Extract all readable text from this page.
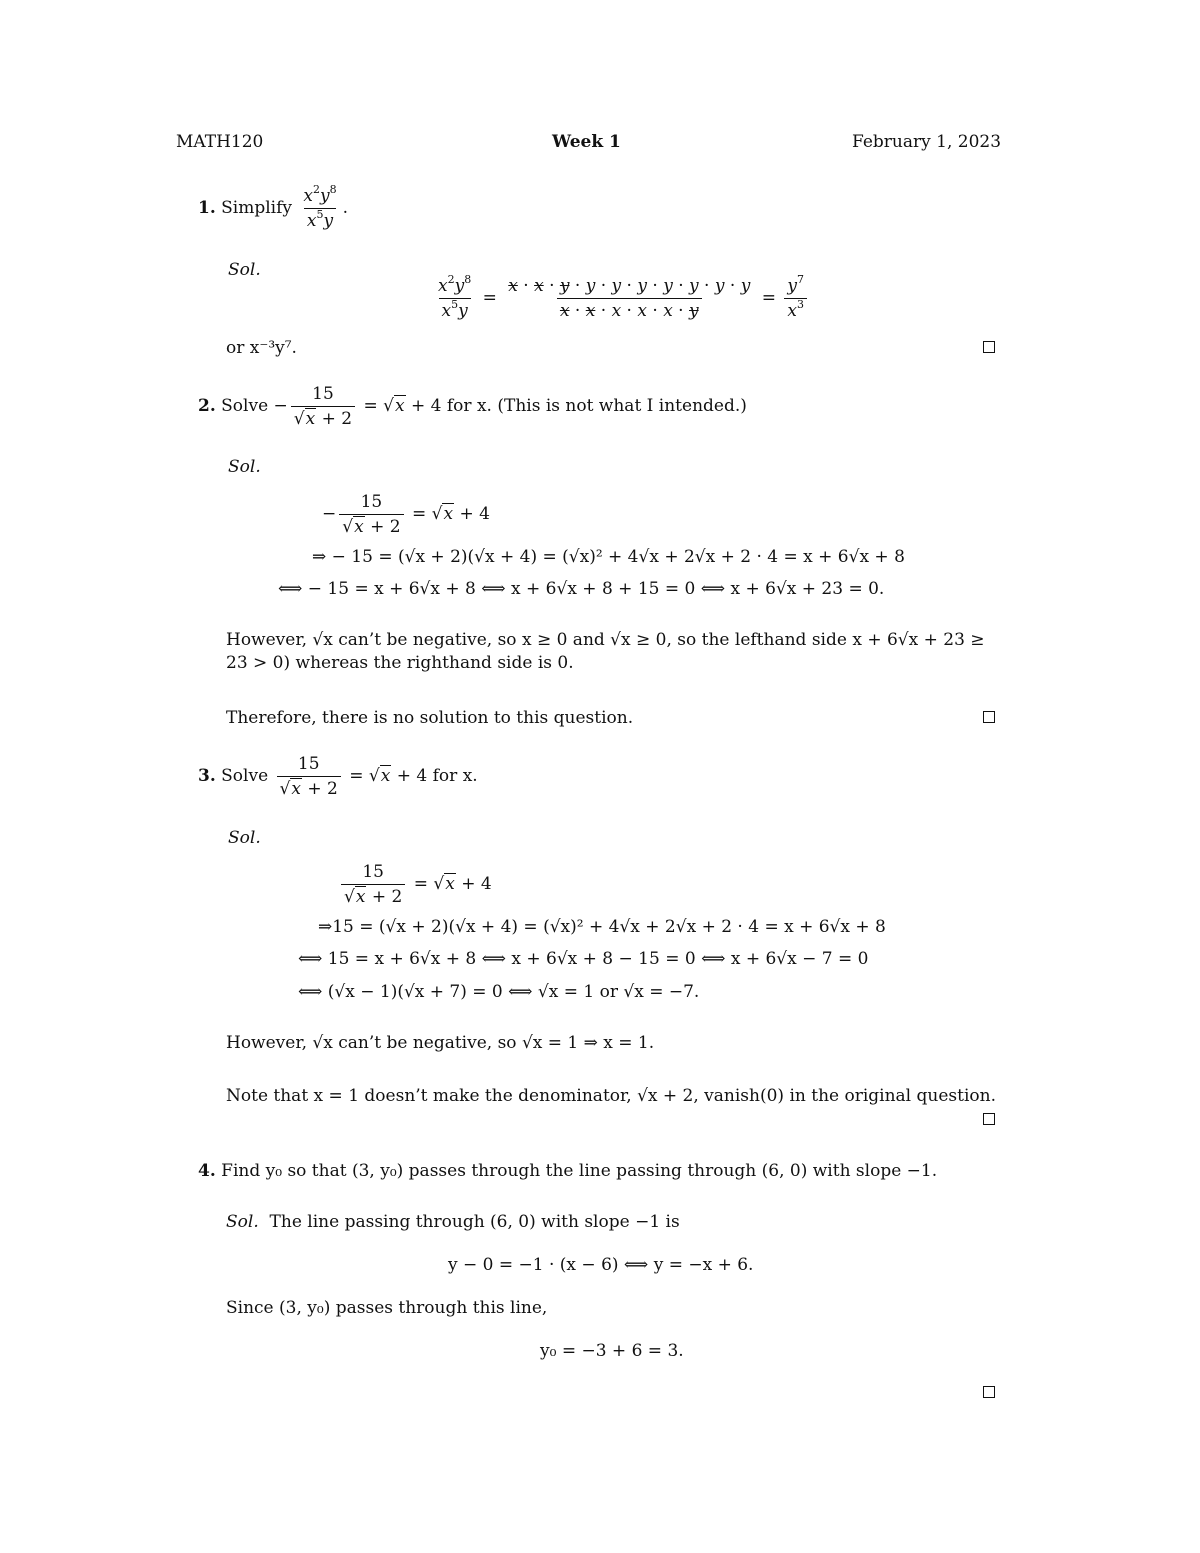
MATH120	Week 1	February 1, 2023
1. Simplify $\frac{x^2y^8}{x^5y}$ .
Sol.
$\frac{x^2y^8}{x^5y} = \frac{x \cdot x \cdot y \cdot y \cdot y \cdot y \cdot y \cdot y \cdot y \cdot y}{x \cdot x \cdot x \cdot x \cdot x \cdot y} = \frac{y^7}{x^3}$
or x⁻³y⁷.
2. Solve − $\frac{15}{√x + 2} = √x + 4$ for x. (This is not what I intended.)
Sol.
− $\frac{15}{√x + 2} = √x + 4$
⇒ − 15 = (√x + 2)(√x + 4) = (√x)² + 4√x + 2√x + 2 · 4 = x + 6√x + 8
⟺ − 15 = x + 6√x + 8 ⟺ x + 6√x + 8 + 15 = 0 ⟺ x + 6√x + 23 = 0.
However, √x can’t be negative, so x ≥ 0 and √x ≥ 0, so the lefthand side x + 6√x + 23 ≥
23 > 0) whereas the righthand side is 0.
Therefore, there is no solution to this question.
3. Solve $\frac{15}{√x + 2} = √x + 4$ for x.
Sol.
$\frac{15}{√x + 2} = √x + 4$
⇒15 = (√x + 2)(√x + 4) = (√x)² + 4√x + 2√x + 2 · 4 = x + 6√x + 8
⟺ 15 = x + 6√x + 8 ⟺ x + 6√x + 8 − 15 = 0 ⟺ x + 6√x − 7 = 0
⟺ (√x − 1)(√x + 7) = 0 ⟺ √x = 1 or √x = −7.
However, √x can’t be negative, so √x = 1 ⇒ x = 1.
Note that x = 1 doesn’t make the denominator, √x + 2, vanish(0) in the original question.
4. Find y₀ so that (3, y₀) passes through the line passing through (6, 0) with slope −1.
Sol. The line passing through (6, 0) with slope −1 is
y − 0 = −1 · (x − 6) ⟺ y = −x + 6.
Since (3, y₀) passes through this line,
y₀ = −3 + 6 = 3.
